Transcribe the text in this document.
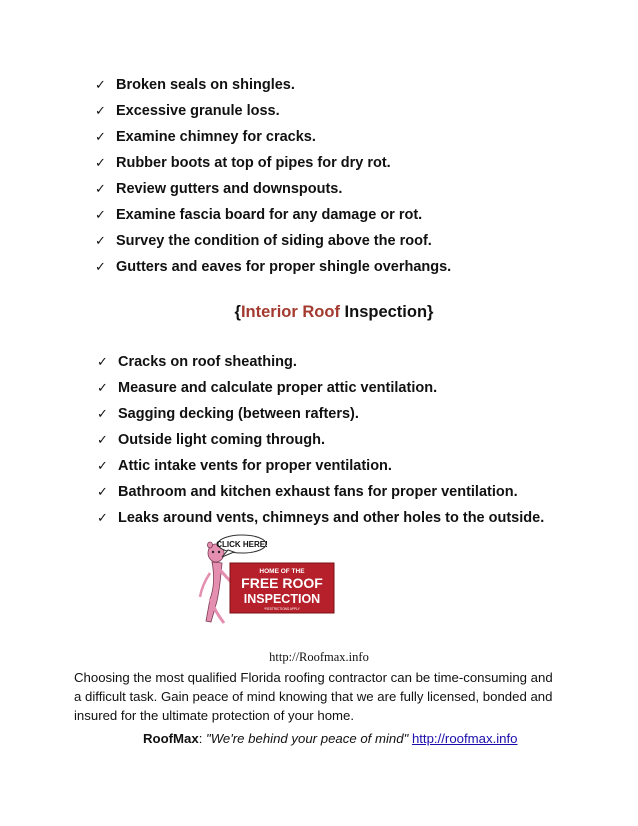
✓ Broken seals on shingles.
✓ Excessive granule loss.
✓ Examine chimney for cracks.
✓ Rubber boots at top of pipes for dry rot.
✓ Review gutters and downspouts.
✓ Examine fascia board for any damage or rot.
✓ Survey the condition of siding above the roof.
✓ Gutters and eaves for proper shingle overhangs.
{Interior Roof Inspection}
✓ Cracks on roof sheathing.
✓ Measure and calculate proper attic ventilation.
✓ Sagging decking (between rafters).
✓ Outside light coming through.
✓ Attic intake vents for proper ventilation.
✓ Bathroom and kitchen exhaust fans for proper ventilation.
✓ Leaks around vents, chimneys and other holes to the outside.
CLICK HERE!
HOME OF THE
FREE ROOF
INSPECTION
*RESTRICTIONS APPLY
http://Roofmax.info

Choosing the most qualified Florida roofing contractor can be time-consuming and a difficult task. Gain peace of mind knowing that we are fully licensed, bonded and insured for the ultimate protection of your home.

RoofMax: "We're behind your peace of mind" http://roofmax.info
